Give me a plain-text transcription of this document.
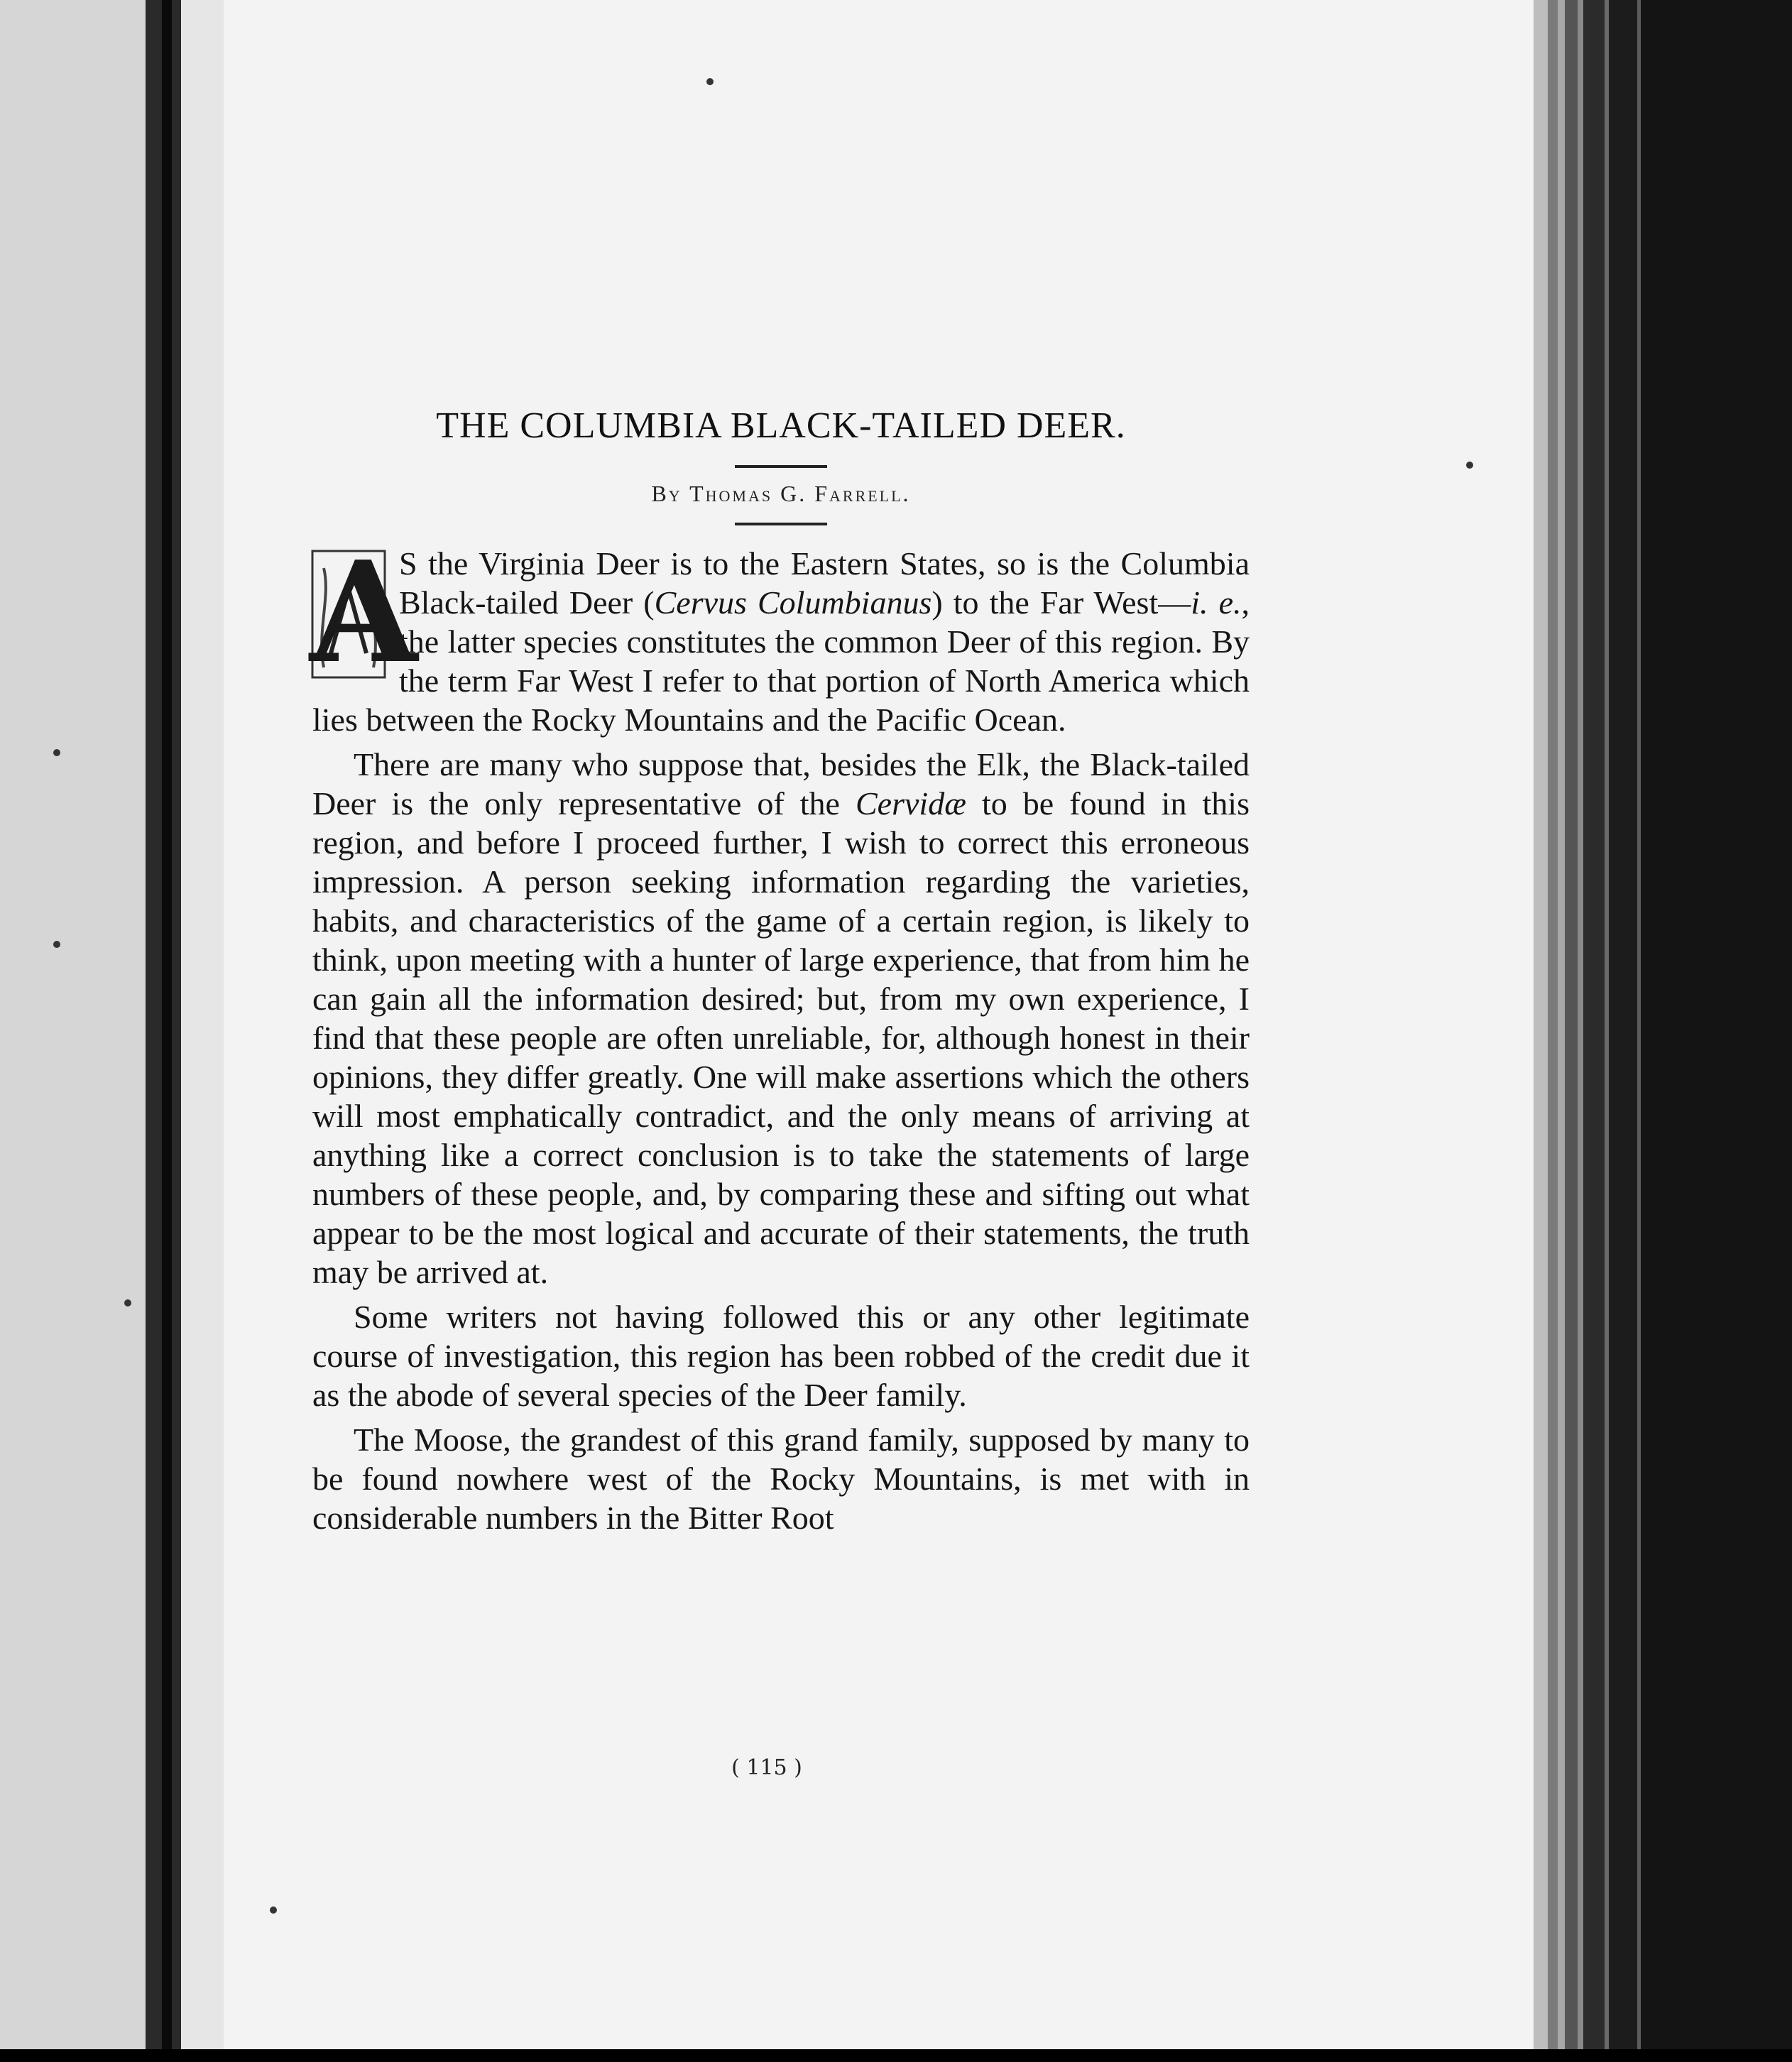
THE COLUMBIA BLACK-TAILED DEER.
By Thomas G. Farrell.

A
S the Virginia Deer is to the Eastern States, so is the Columbia Black-tailed Deer (Cervus Columbianus) to the Far West—i. e., the latter species constitutes the common Deer of this region. By the term Far West I refer to that portion of North America which lies between the Rocky Mountains and the Pacific Ocean.

There are many who suppose that, besides the Elk, the Black-tailed Deer is the only representative of the Cervidæ to be found in this region, and before I proceed further, I wish to correct this erroneous impression. A person seeking information regarding the varieties, habits, and characteristics of the game of a certain region, is likely to think, upon meeting with a hunter of large experience, that from him he can gain all the information desired; but, from my own experience, I find that these people are often unreliable, for, although honest in their opinions, they differ greatly. One will make assertions which the others will most emphatically contradict, and the only means of arriving at anything like a correct conclusion is to take the statements of large numbers of these people, and, by comparing these and sifting out what appear to be the most logical and accurate of their statements, the truth may be arrived at.

Some writers not having followed this or any other legitimate course of investigation, this region has been robbed of the credit due it as the abode of several species of the Deer family.

The Moose, the grandest of this grand family, supposed by many to be found nowhere west of the Rocky Mountains, is met with in considerable numbers in the Bitter Root

( 115 )
